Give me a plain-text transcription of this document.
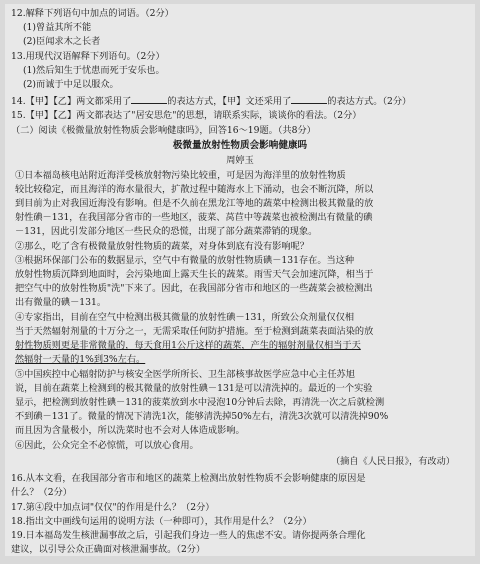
12.解释下列语句中加点的词语。（2分）
(1)曾益其所不能
(2)臣闻求木之长者
13.用现代汉语解释下列语句。（2分）
(1)然后知生于忧患而死于安乐也。
(2)而诚于中足以服众。
14.【甲】【乙】两文都采用了	的表达方式，【甲】文还采用了	的表达方式。（2分）
15.【甲】【乙】两文都表达了"居安思危"的思想，请联系实际，谈谈你的看法。（2分）
（二）阅读《极微量放射性物质会影响健康吗》，回答16～19题。（共8分）
极微量放射性物质会影响健康吗
周婷玉
①日本福岛核电站附近海洋受核放射物污染比较重，可是因为海洋里的放射性物质
较比较稳定，而且海洋的海水量很大，扩散过程中随海水上下涌动，也会不断沉降，所以
到目前为止对我国近海没有影响。但是不久前在黑龙江等地的蔬菜中检测出极其微量的放
射性碘－131，在我国部分省市的一些地区，菠菜、莴苣中等蔬菜也被检测出有微量的碘
－131，因此引发部分地区一些民众的恐慌，出现了部分蔬菜滞销的现象。
②那么，吃了含有极微量放射性物质的蔬菜，对身体到底有没有影响呢？
③根据环保部门公布的数据显示，空气中有微量的放射性物质碘－131存在。当这种
放射性物质沉降到地面时，会污染地面上露天生长的蔬菜。雨雪天气会加速沉降，相当于
把空气中的放射性物质"洗"下来了。因此，在我国部分省市和地区的一些蔬菜会被检测出
出有微量的碘－131。
④专家指出，目前在空气中检测出极其微量的放射性碘－131，所致公众剂量仅仅相
当于天然辐射剂量的十万分之一，无需采取任何防护措施。至于检测到蔬菜表面沾染的放
射性物质则更是非常微量的，每天食用1公斤这样的蔬菜，产生的辐射剂量仅相当于天
然辐射一天量的1%到3%左右。
⑤中国疾控中心辐射防护与核安全医学所所长、卫生部核事故医学应急中心主任苏旭
说，目前在蔬菜上检测到的极其微量的放射性碘－131是可以清洗掉的。最近的一个实验
显示，把检测到放射性碘－131的菠菜放到水中浸泡10分钟后去除，再清洗一次之后就检测
不到碘－131了。微量的情况下清洗1次，能够清洗掉50%左右，清洗3次就可以清洗掉90%
而且因为含量极小，所以洗菜时也不会对人体造成影响。
⑥因此，公众完全不必惊慌，可以放心食用。
（摘自《人民日报》，有改动）
16.从本文看，在我国部分省市和地区的蔬菜上检测出放射性物质不会影响健康的原因是
什么？（2分）
17.第④段中加点词"仅仅"的作用是什么？（2分）
18.指出文中画线句运用的说明方法（一种即可），其作用是什么？（2分）
19.日本福岛发生核泄漏事故之后，引起我们身边一些人的焦虑不安。请你提两条合理化
建议，以引导公众正确面对核泄漏事故。（2分）
